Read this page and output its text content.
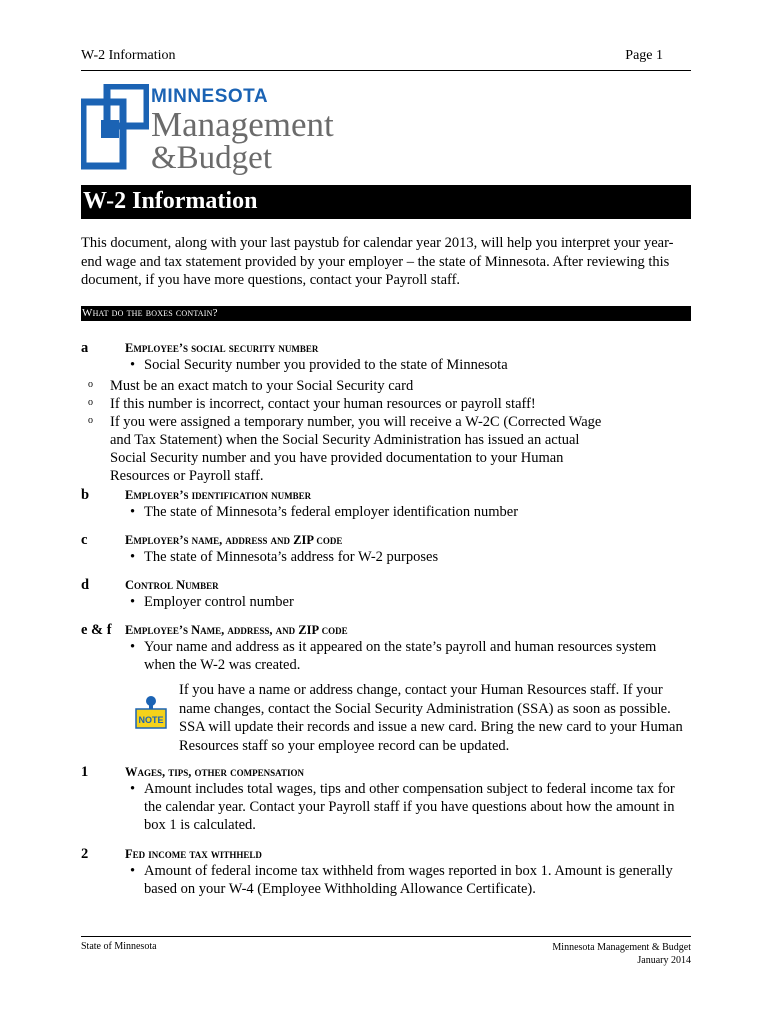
W-2 Information	Page 1
MINNESOTA
Management
&Budget
W-2 Information
This document, along with your last paystub for calendar year 2013, will help you interpret your year-end wage and tax statement provided by your employer – the state of Minnesota. After reviewing this document, if you have more questions, contact your Payroll staff.
What do the boxes contain?
a	Employee’s social security number
• Social Security number you provided to the state of Minnesota
o Must be an exact match to your Social Security card
o If this number is incorrect, contact your human resources or payroll staff!
o If you were assigned a temporary number, you will receive a W-2C (Corrected Wage and Tax Statement) when the Social Security Administration has issued an actual Social Security number and you have provided documentation to your Human Resources or Payroll staff.
b	Employer’s identification number
• The state of Minnesota’s federal employer identification number
c	Employer’s name, address and ZIP code
• The state of Minnesota’s address for W-2 purposes
d	Control Number
• Employer control number
e & f Employee’s Name, address, and ZIP code
• Your name and address as it appeared on the state’s payroll and human resources system when the W-2 was created.
NOTE
If you have a name or address change, contact your Human Resources staff. If your name changes, contact the Social Security Administration (SSA) as soon as possible. SSA will update their records and issue a new card. Bring the new card to your Human Resources staff so your employee record can be updated.
1	Wages, tips, other compensation
• Amount includes total wages, tips and other compensation subject to federal income tax for the calendar year. Contact your Payroll staff if you have questions about how the amount in box 1 is calculated.
2	Fed income tax withheld
• Amount of federal income tax withheld from wages reported in box 1. Amount is generally based on your W-4 (Employee Withholding Allowance Certificate).
State of Minnesota	Minnesota Management & Budget
January 2014
